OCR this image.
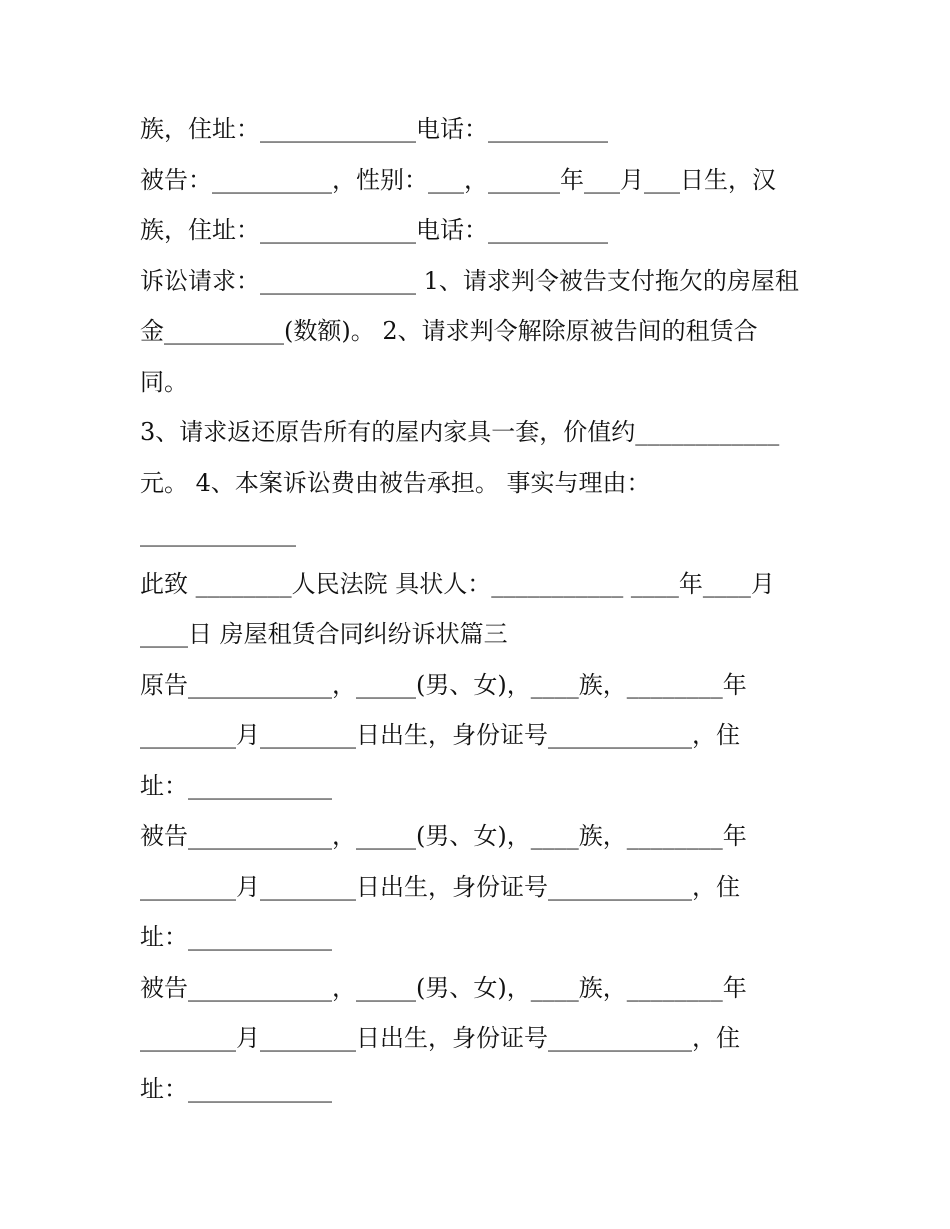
族，住址：_____________电话：__________
被告：__________，性别：___，______年___月___日生，汉
族，住址：_____________电话：__________
诉讼请求：_____________ 1、请求判令被告支付拖欠的房屋租
金__________(数额)。 2、请求判令解除原被告间的租赁合
同。
3、请求返还原告所有的屋内家具一套，价值约____________
元。 4、本案诉讼费由被告承担。 事实与理由：
_____________
此致 ________人民法院 具状人：___________ ____年____月
____日 房屋租赁合同纠纷诉状篇三
原告____________，_____(男、女)，____族，________年
________月________日出生，身份证号____________，住
址：____________
被告____________，_____(男、女)，____族，________年
________月________日出生，身份证号____________，住
址：____________
被告____________，_____(男、女)，____族，________年
________月________日出生，身份证号____________，住
址：____________
